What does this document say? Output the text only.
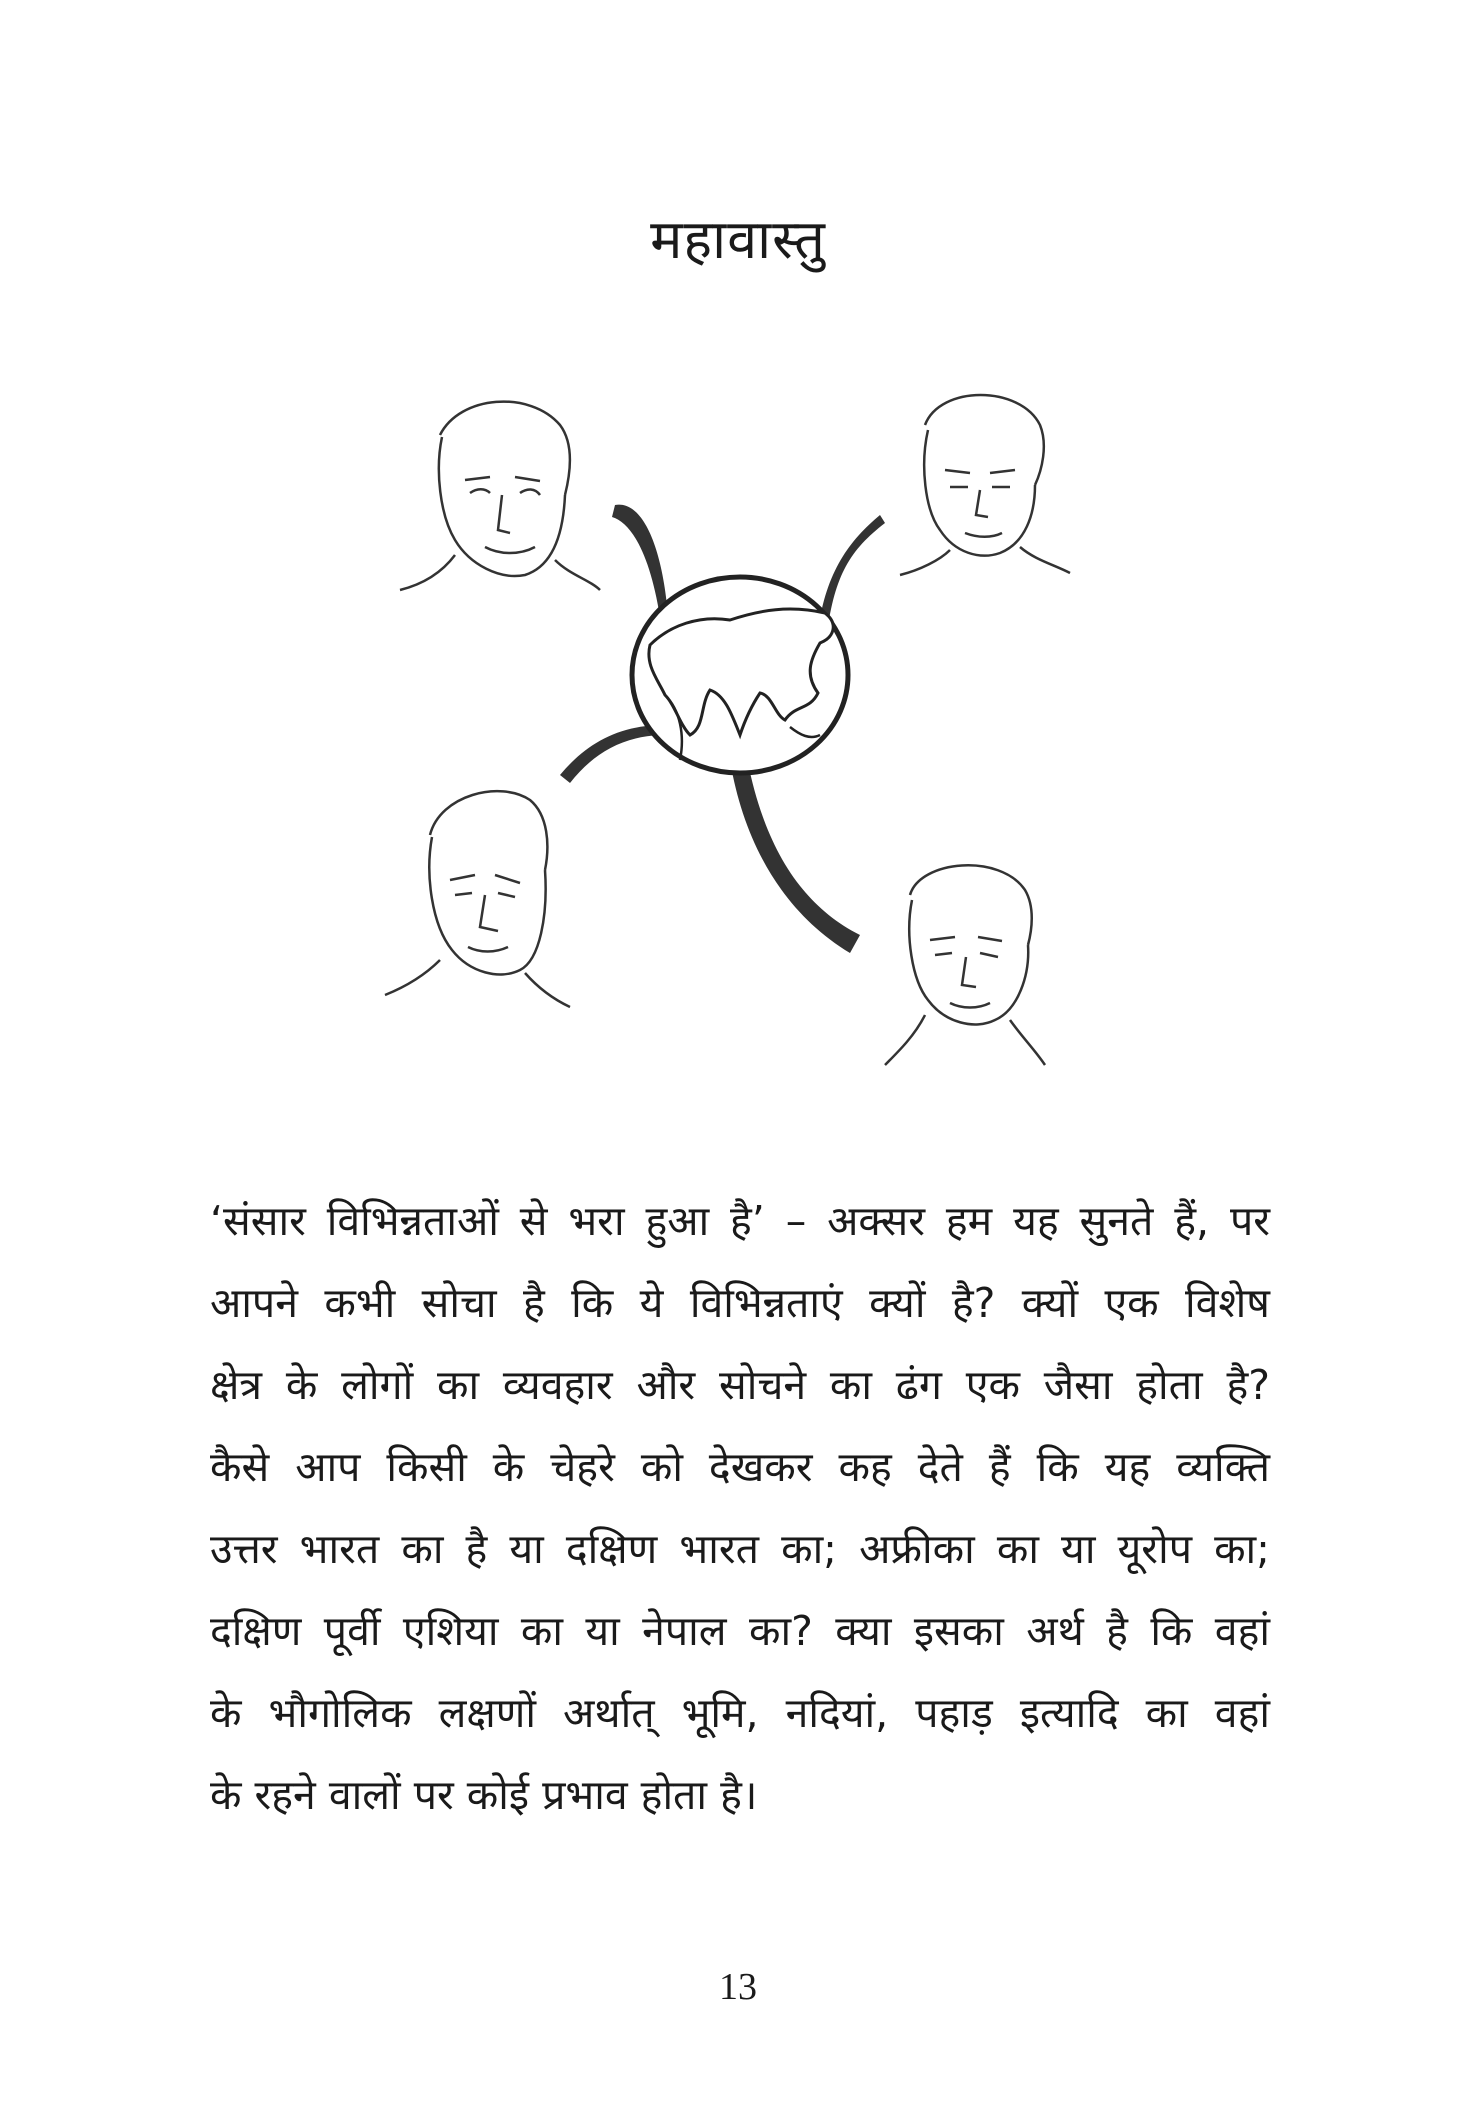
महावास्तु
‘संसार विभिन्नताओं से भरा हुआ है’ – अक्सर हम यह सुनते हैं, पर
आपने कभी सोचा है कि ये विभिन्नताएं क्यों है? क्यों एक विशेष
क्षेत्र के लोगों का व्यवहार और सोचने का ढंग एक जैसा होता है?
कैसे आप किसी के चेहरे को देखकर कह देते हैं कि यह व्यक्ति
उत्तर भारत का है या दक्षिण भारत का; अफ्रीका का या यूरोप का;
दक्षिण पूर्वी एशिया का या नेपाल का? क्या इसका अर्थ है कि वहां
के भौगोलिक लक्षणों अर्थात् भूमि, नदियां, पहाड़ इत्यादि का वहां
के रहने वालों पर कोई प्रभाव होता है।
13
